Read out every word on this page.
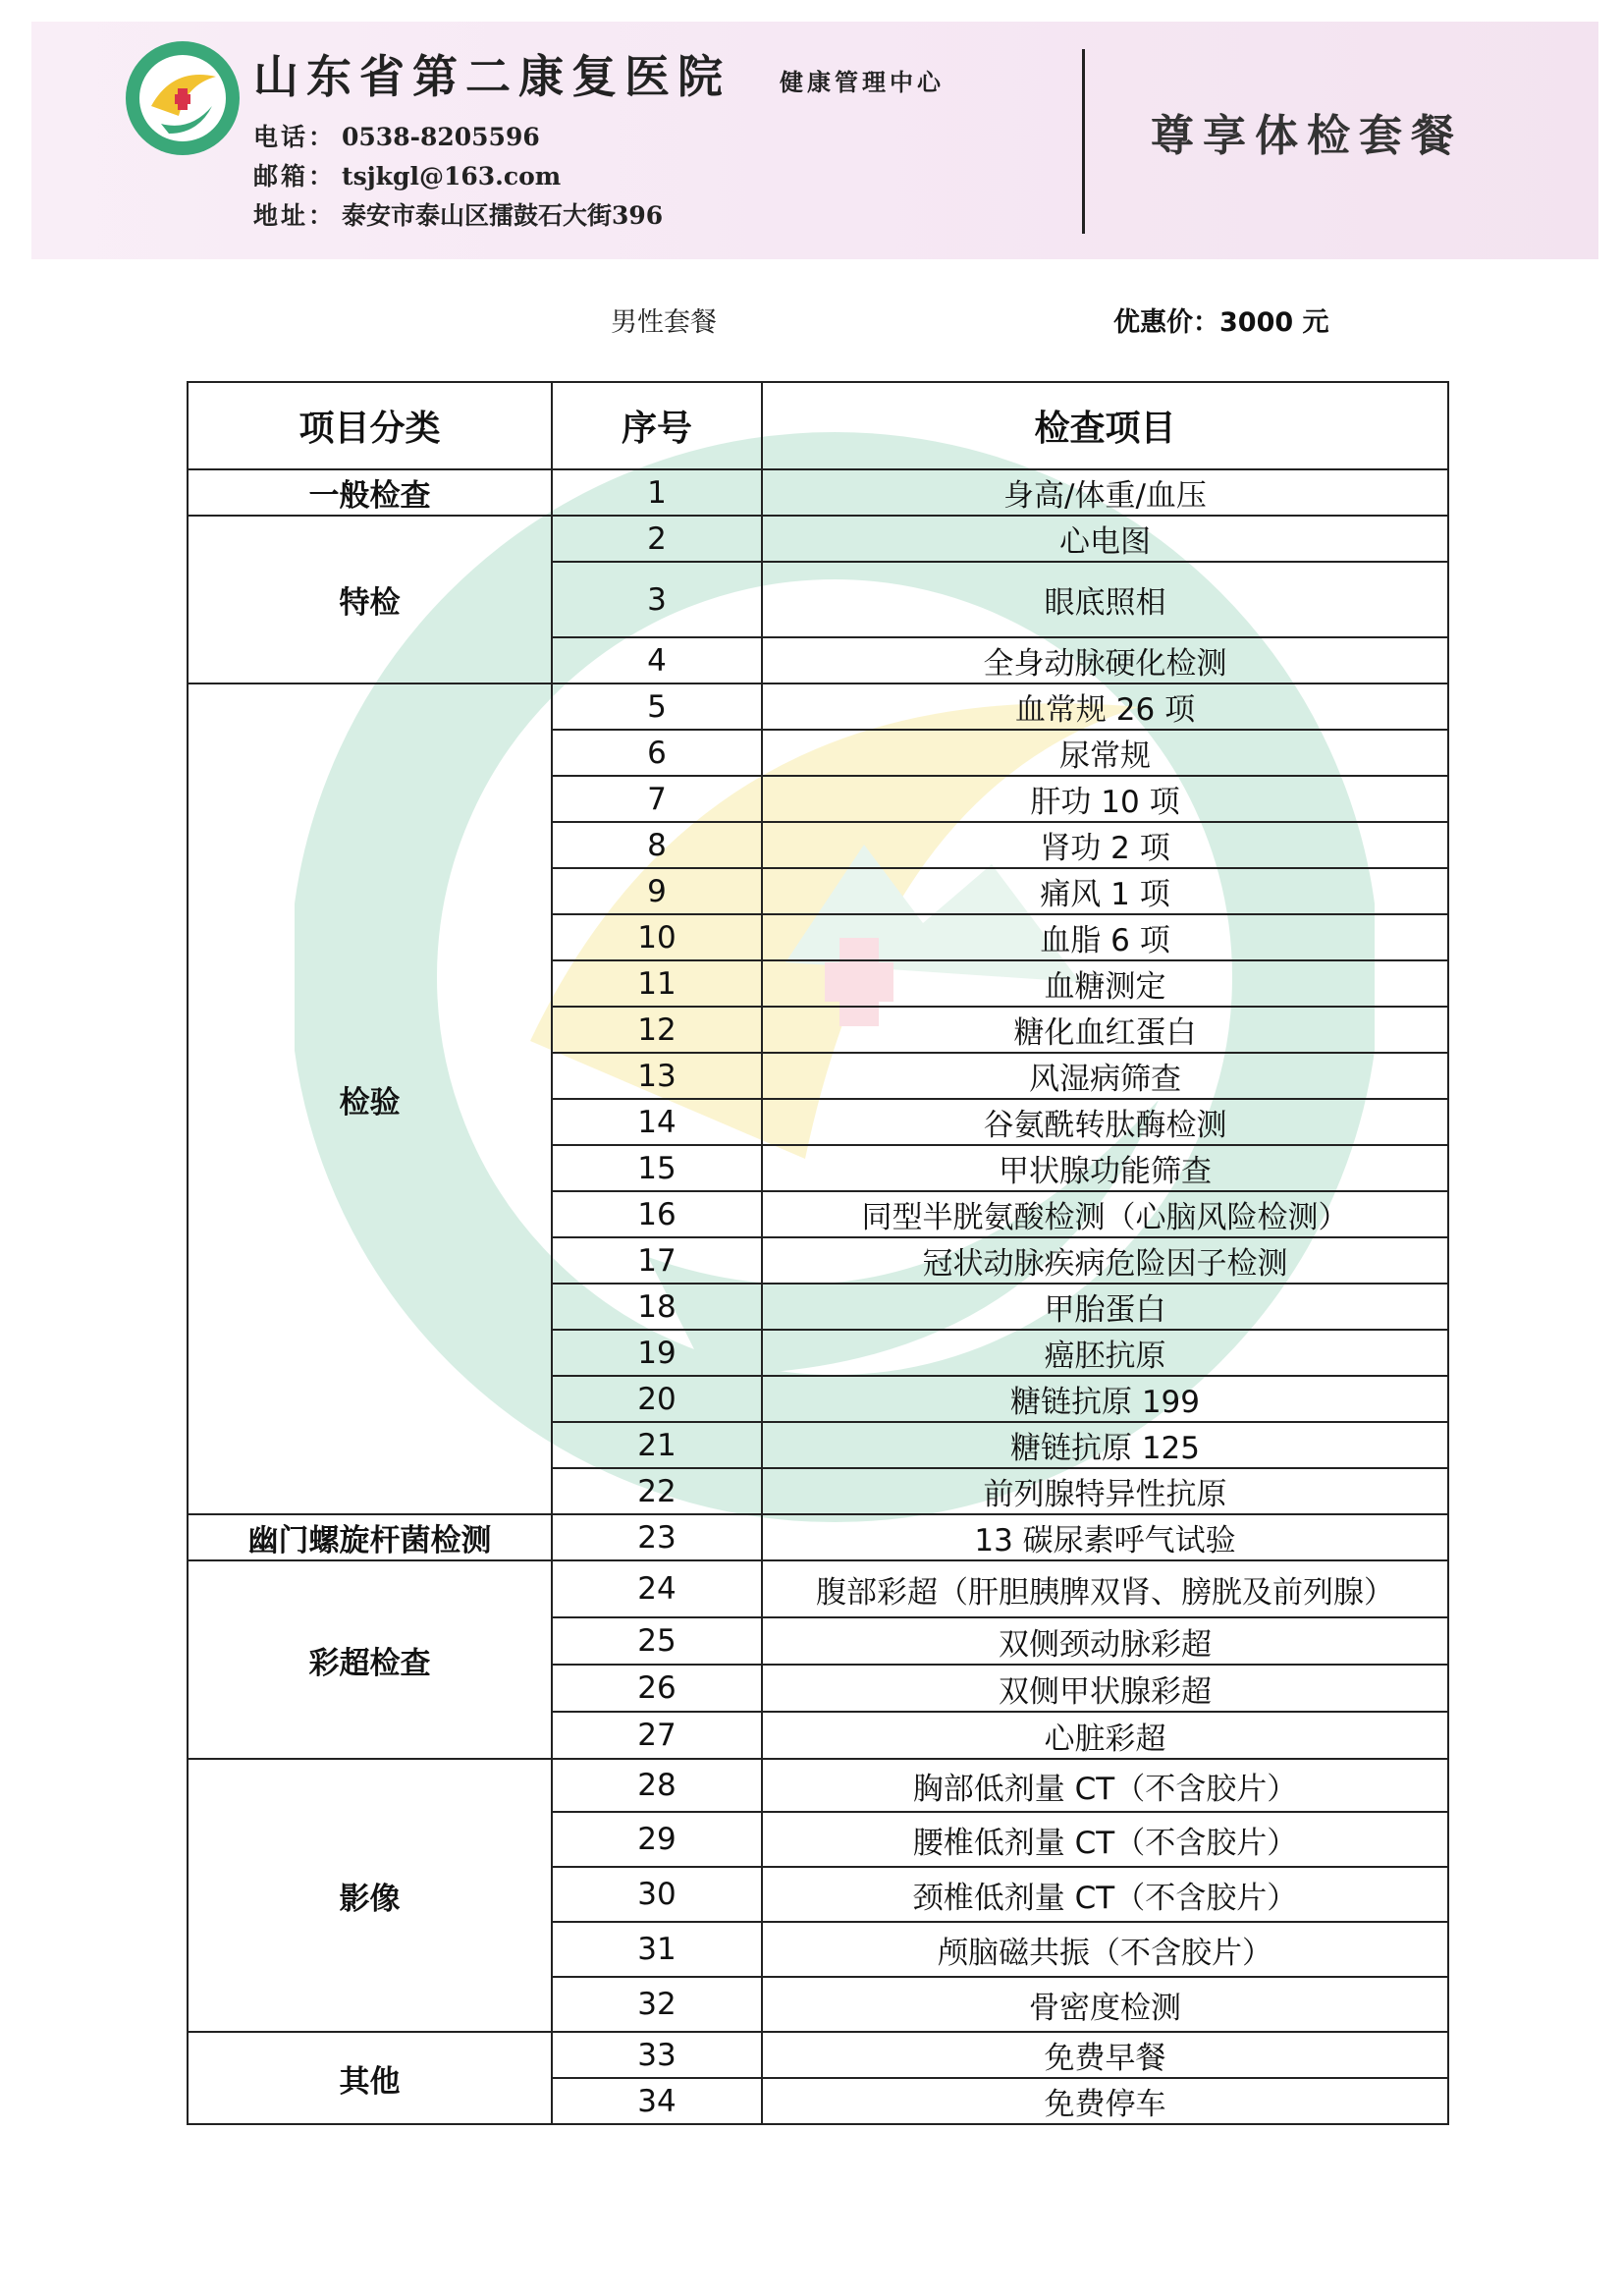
山东省第二康复医院 健康管理中心
电话： 0538-8205596
邮箱： tsjkgl@163.com
地址： 泰安市泰山区擂鼓石大街396
尊享体检套餐
男性套餐	优惠价：3000 元
项目分类	序号	检查项目
一般检查	1	身高/体重/血压
特检	2	心电图
	3	眼底照相
	4	全身动脉硬化检测
检验	5	血常规 26 项
	6	尿常规
	7	肝功 10 项
	8	肾功 2 项
	9	痛风 1 项
	10	血脂 6 项
	11	血糖测定
	12	糖化血红蛋白
	13	风湿病筛查
	14	谷氨酰转肽酶检测
	15	甲状腺功能筛查
	16	同型半胱氨酸检测（心脑风险检测）
	17	冠状动脉疾病危险因子检测
	18	甲胎蛋白
	19	癌胚抗原
	20	糖链抗原 199
	21	糖链抗原 125
	22	前列腺特异性抗原
幽门螺旋杆菌检测	23	13 碳尿素呼气试验
彩超检查	24	腹部彩超（肝胆胰脾双肾、膀胱及前列腺）
	25	双侧颈动脉彩超
	26	双侧甲状腺彩超
	27	心脏彩超
影像	28	胸部低剂量 CT（不含胶片）
	29	腰椎低剂量 CT（不含胶片）
	30	颈椎低剂量 CT（不含胶片）
	31	颅脑磁共振（不含胶片）
	32	骨密度检测
其他	33	免费早餐
	34	免费停车
